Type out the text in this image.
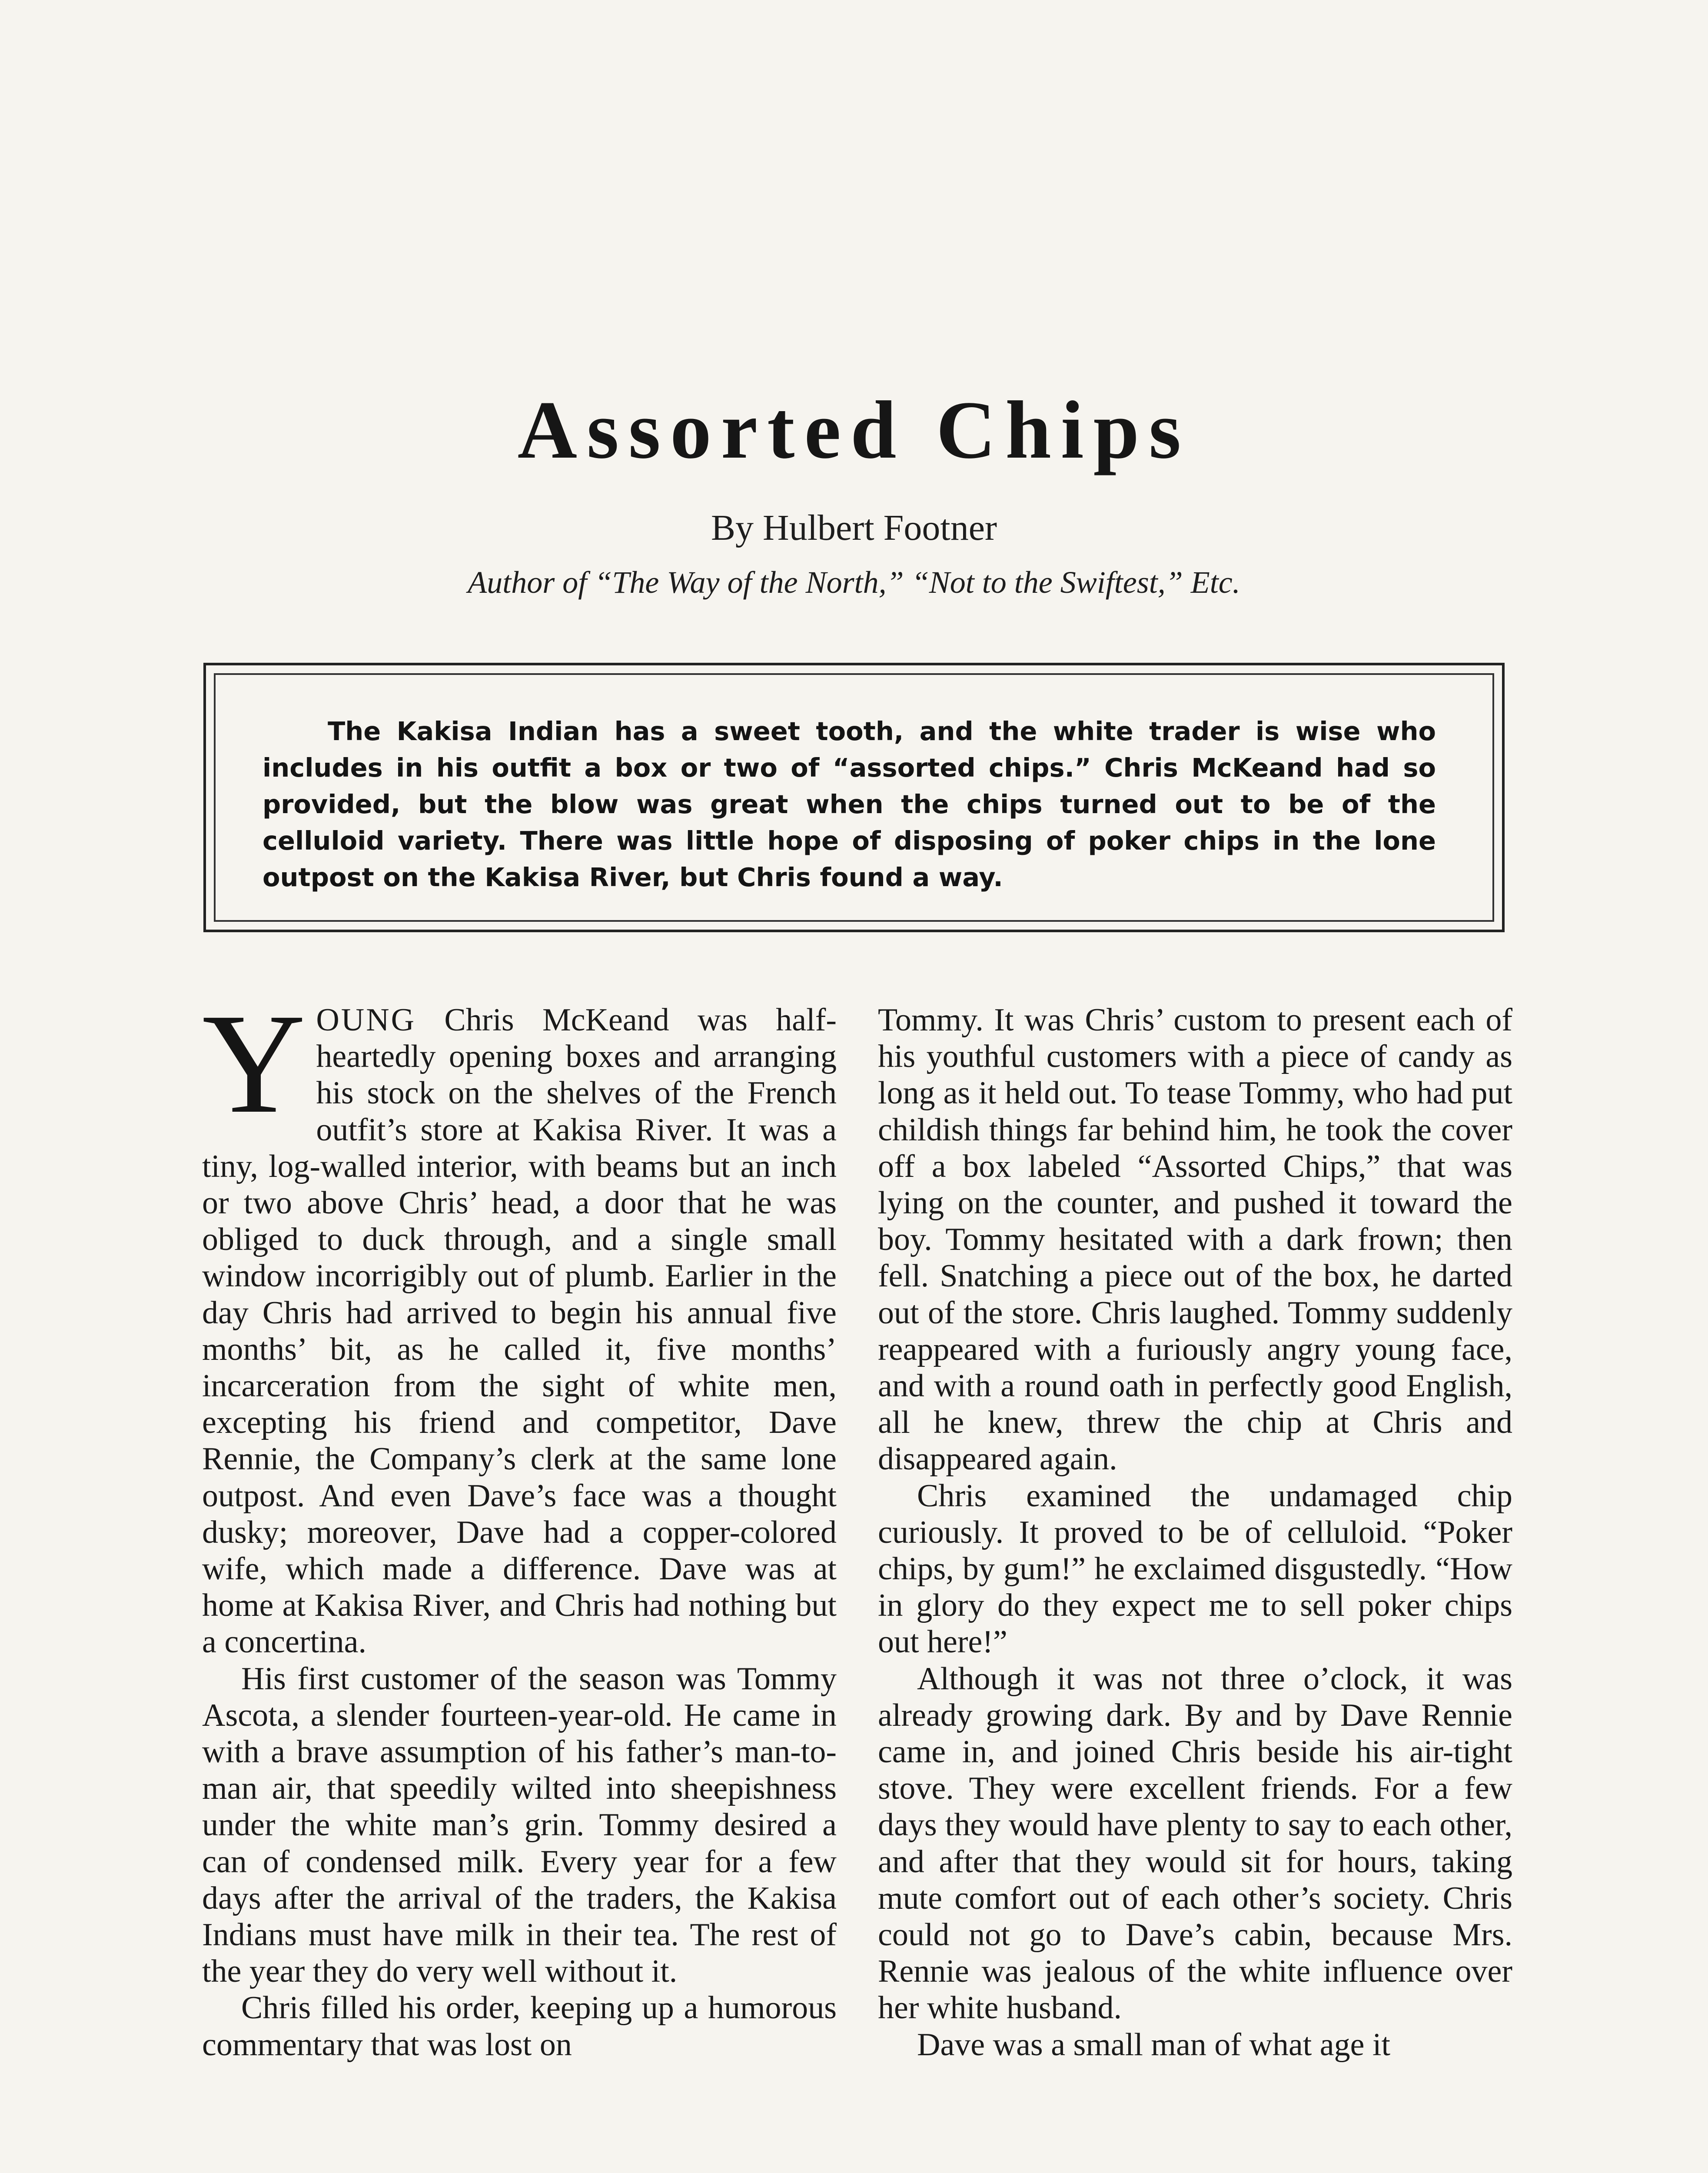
Assorted Chips
By Hulbert Footner
Author of “The Way of the North,” “Not to the Swiftest,” Etc.
The Kakisa Indian has a sweet tooth, and the white trader is wise who includes in his outfit a box or two of “assorted chips.” Chris McKeand had so provided, but the blow was great when the chips turned out to be of the celluloid variety. There was little hope of disposing of poker chips in the lone outpost on the Kakisa River, but Chris found a way.

YOUNG Chris McKeand was half-heartedly opening boxes and arranging his stock on the shelves of the French outfit’s store at Kakisa River. It was a tiny, log-walled interior, with beams but an inch or two above Chris’ head, a door that he was obliged to duck through, and a single small window incorrigibly out of plumb. Earlier in the day Chris had arrived to begin his annual five months’ bit, as he called it, five months’ incarceration from the sight of white men, excepting his friend and competitor, Dave Rennie, the Company’s clerk at the same lone outpost. And even Dave’s face was a thought dusky; moreover, Dave had a copper-colored wife, which made a difference. Dave was at home at Kakisa River, and Chris had nothing but a concertina.

His first customer of the season was Tommy Ascota, a slender fourteen-year-old. He came in with a brave assumption of his father’s man-to-man air, that speedily wilted into sheepishness under the white man’s grin. Tommy desired a can of condensed milk. Every year for a few days after the arrival of the traders, the Kakisa Indians must have milk in their tea. The rest of the year they do very well without it.

Chris filled his order, keeping up a humorous commentary that was lost on

Tommy. It was Chris’ custom to present each of his youthful customers with a piece of candy as long as it held out. To tease Tommy, who had put childish things far behind him, he took the cover off a box labeled “Assorted Chips,” that was lying on the counter, and pushed it toward the boy. Tommy hesitated with a dark frown; then fell. Snatching a piece out of the box, he darted out of the store. Chris laughed. Tommy suddenly reappeared with a furiously angry young face, and with a round oath in perfectly good English, all he knew, threw the chip at Chris and disappeared again.

Chris examined the undamaged chip curiously. It proved to be of celluloid. “Poker chips, by gum!” he exclaimed disgustedly. “How in glory do they expect me to sell poker chips out here!”

Although it was not three o’clock, it was already growing dark. By and by Dave Rennie came in, and joined Chris beside his air-tight stove. They were excellent friends. For a few days they would have plenty to say to each other, and after that they would sit for hours, taking mute comfort out of each other’s society. Chris could not go to Dave’s cabin, because Mrs. Rennie was jealous of the white influence over her white husband.

Dave was a small man of what age it
